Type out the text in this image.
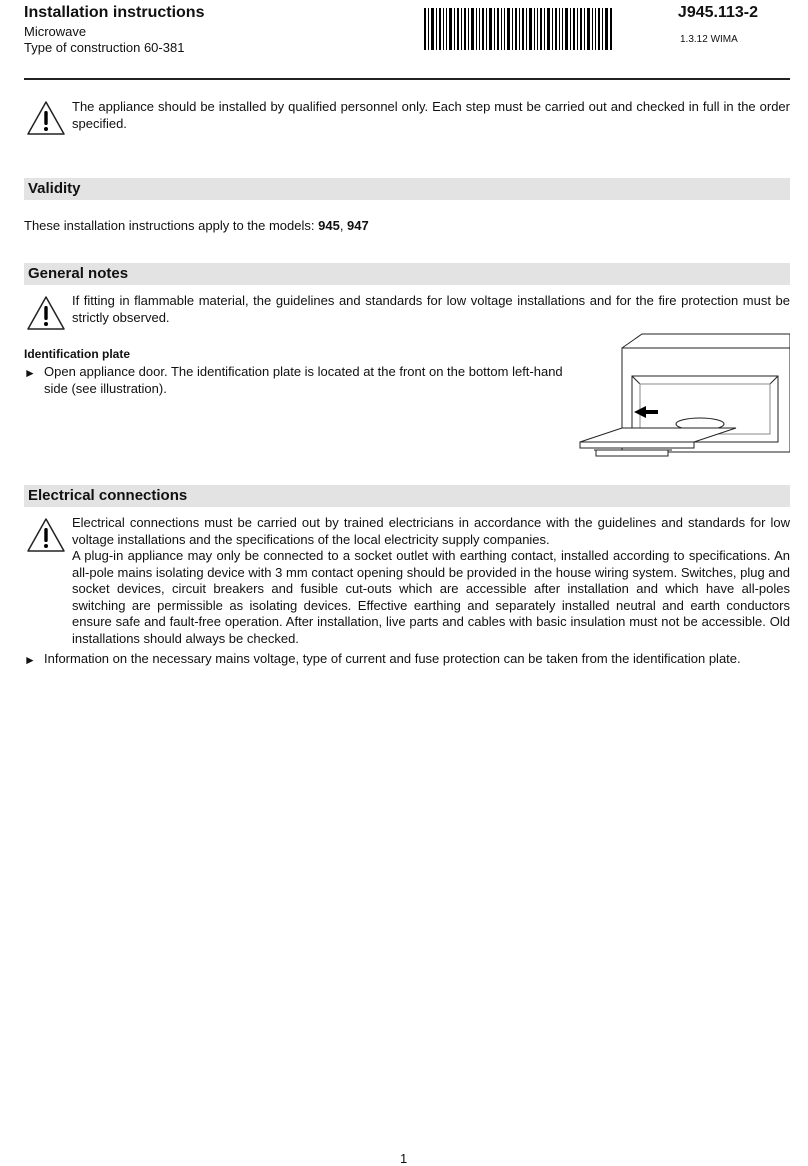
Installation instructions
Microwave
Type of construction 60-381
J945.113-2
1.3.12 WIMA
The appliance should be installed by qualified personnel only. Each step must be carried out and checked in full in the order specified.
Validity
These installation instructions apply to the models: 945, 947
General notes
If fitting in flammable material, the guidelines and standards for low voltage installations and for the fire protection must be strictly observed.
Identification plate
► Open appliance door. The identification plate is located at the front on the bottom left-hand side (see illustration).
Electrical connections
Electrical connections must be carried out by trained electricians in accordance with the guidelines and standards for low voltage installations and the specifications of the local electricity supply companies.
A plug-in appliance may only be connected to a socket outlet with earthing contact, installed according to specifications. An all-pole mains isolating device with 3 mm contact opening should be provided in the house wiring system. Switches, plug and socket devices, circuit breakers and fusible cut-outs which are accessible after installation and which have all-poles switching are permissible as isolating devices. Effective earthing and separately installed neutral and earth conductors ensure safe and fault-free operation. After installation, live parts and cables with basic insulation must not be accessible. Old installations should always be checked.
► Information on the necessary mains voltage, type of current and fuse protection can be taken from the identification plate.
1
